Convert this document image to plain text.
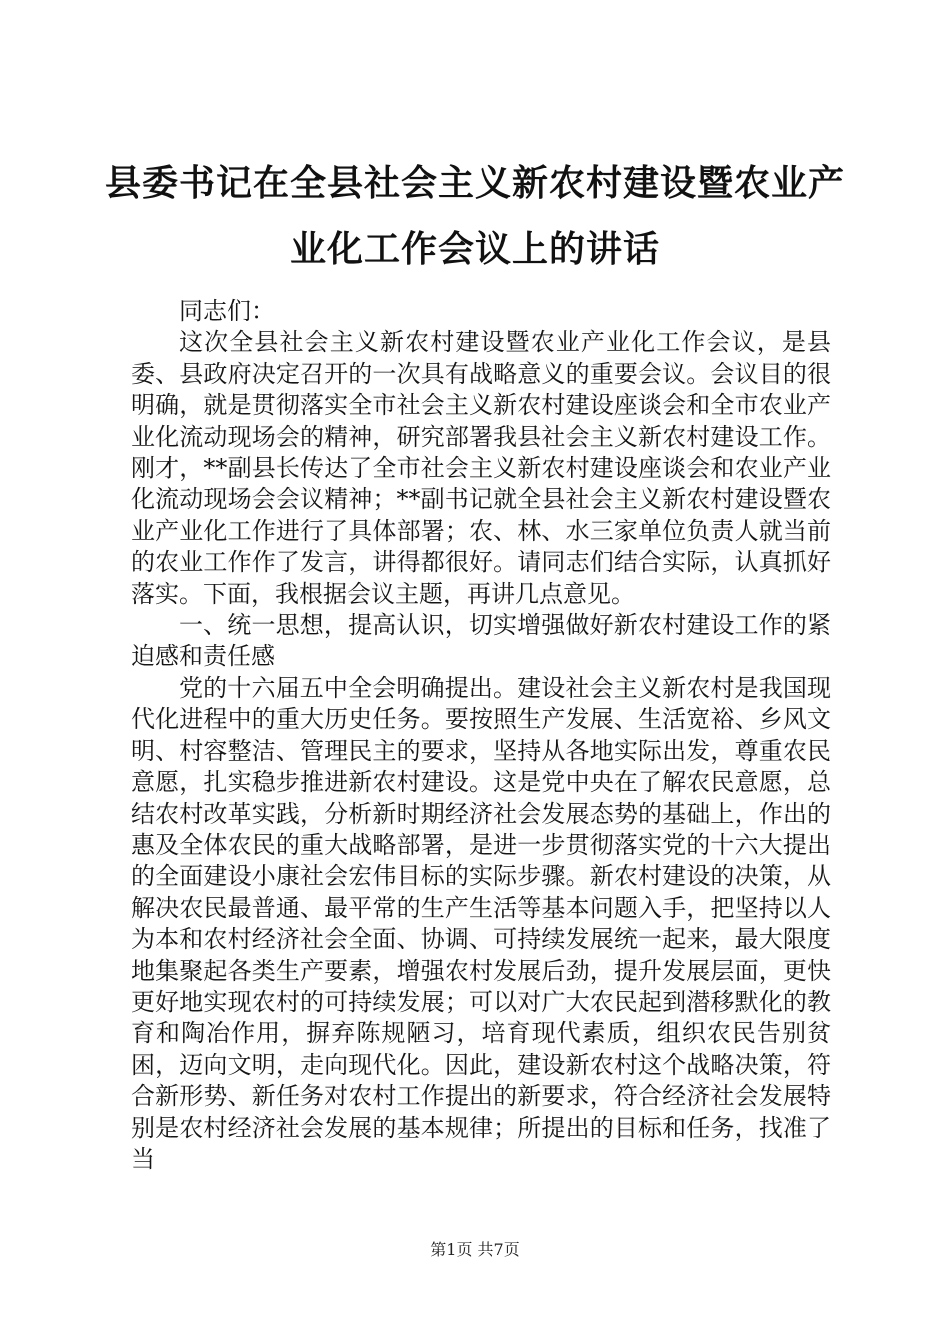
县委书记在全县社会主义新农村建设暨农业产
业化工作会议上的讲话

同志们：

这次全县社会主义新农村建设暨农业产业化工作会议，是县委、县政府决定召开的一次具有战略意义的重要会议。会议目的很明确，就是贯彻落实全市社会主义新农村建设座谈会和全市农业产业化流动现场会的精神，研究部署我县社会主义新农村建设工作。刚才，**副县长传达了全市社会主义新农村建设座谈会和农业产业化流动现场会会议精神；**副书记就全县社会主义新农村建设暨农业产业化工作进行了具体部署；农、林、水三家单位负责人就当前的农业工作作了发言，讲得都很好。请同志们结合实际，认真抓好落实。下面，我根据会议主题，再讲几点意见。

一、统一思想，提高认识，切实增强做好新农村建设工作的紧迫感和责任感

党的十六届五中全会明确提出。建设社会主义新农村是我国现代化进程中的重大历史任务。要按照生产发展、生活宽裕、乡风文明、村容整洁、管理民主的要求，坚持从各地实际出发，尊重农民意愿，扎实稳步推进新农村建设。这是党中央在了解农民意愿，总结农村改革实践，分析新时期经济社会发展态势的基础上，作出的惠及全体农民的重大战略部署，是进一步贯彻落实党的十六大提出的全面建设小康社会宏伟目标的实际步骤。新农村建设的决策，从解决农民最普通、最平常的生产生活等基本问题入手，把坚持以人为本和农村经济社会全面、协调、可持续发展统一起来，最大限度地集聚起各类生产要素，增强农村发展后劲，提升发展层面，更快更好地实现农村的可持续发展；可以对广大农民起到潜移默化的教育和陶冶作用，摒弃陈规陋习，培育现代素质，组织农民告别贫困，迈向文明，走向现代化。因此，建设新农村这个战略决策，符合新形势、新任务对农村工作提出的新要求，符合经济社会发展特别是农村经济社会发展的基本规律；所提出的目标和任务，找准了当

第1页 共7页
